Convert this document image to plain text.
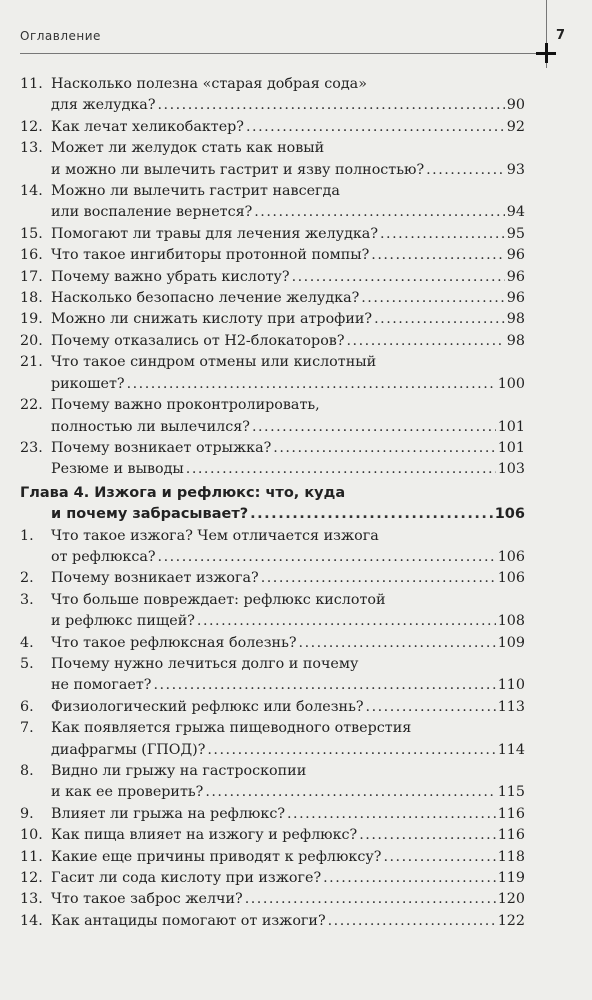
Оглавление	7
11. Насколько полезна «старая добрая сода»
для желудка? .....	90
12. Как лечат хеликобактер? .....	92
13. Может ли желудок стать как новый
и можно ли вылечить гастрит и язву полностью? .....	93
14. Можно ли вылечить гастрит навсегда
или воспаление вернется? .....	94
15. Помогают ли травы для лечения желудка? .....	95
16. Что такое ингибиторы протонной помпы? .....	96
17. Почему важно убрать кислоту? .....	96
18. Насколько безопасно лечение желудка? .....	96
19. Можно ли снижать кислоту при атрофии? .....	98
20. Почему отказались от Н2-блокаторов? .....	98
21. Что такое синдром отмены или кислотный
рикошет? .....	100
22. Почему важно проконтролировать,
полностью ли вылечился? .....	101
23. Почему возникает отрыжка? .....	101
Резюме и выводы .....	103
Глава 4. Изжога и рефлюкс: что, куда
и почему забрасывает? .....	106
1.	Что такое изжога? Чем отличается изжога
от рефлюкса? .....	106
2.	Почему возникает изжога? .....	106
3.	Что больше повреждает: рефлюкс кислотой
и рефлюкс пищей? .....	108
4.	Что такое рефлюксная болезнь? .....	109
5.	Почему нужно лечиться долго и почему
не помогает? .....	110
6.	Физиологический рефлюкс или болезнь? .....	113
7.	Как появляется грыжа пищеводного отверстия
диафрагмы (ГПОД)? .....	114
8.	Видно ли грыжу на гастроскопии
и как ее проверить? .....	115
9.	Влияет ли грыжа на рефлюкс? .....	116
10. Как пища влияет на изжогу и рефлюкс? .....	116
11. Какие еще причины приводят к рефлюксу? .....	118
12. Гасит ли сода кислоту при изжоге? .....	119
13. Что такое заброс желчи? .....	120
14. Как антациды помогают от изжоги? .....	122
